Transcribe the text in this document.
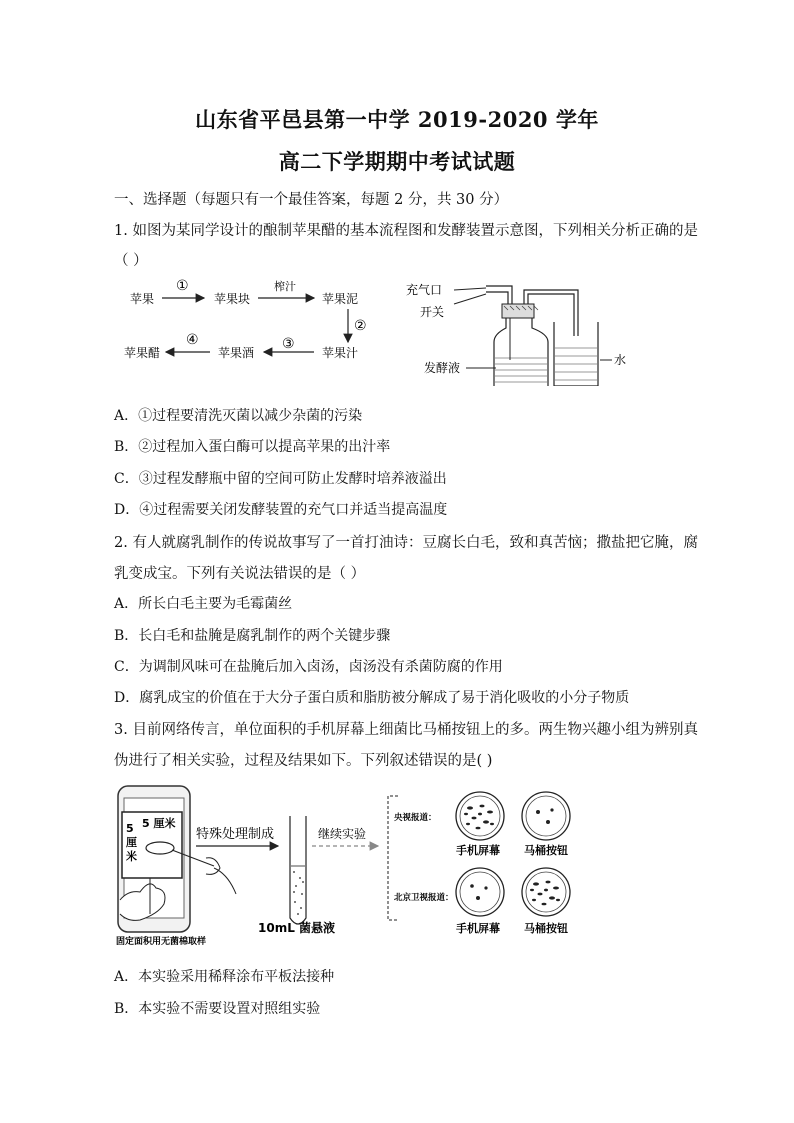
山东省平邑县第一中学 2019-2020 学年
高二下学期期中考试试题
一、选择题（每题只有一个最佳答案，每题 2 分，共 30 分）
1. 如图为某同学设计的酿制苹果醋的基本流程图和发酵装置示意图，下列相关分析正确的是
（ ）
苹果
①
苹果块
榨汁
苹果泥
②
苹果汁
③
苹果酒
④
苹果醋
充气口
开关
水
发酵液
A．①过程要清洗灭菌以减少杂菌的污染
B．②过程加入蛋白酶可以提高苹果的出汁率
C．③过程发酵瓶中留的空间可防止发酵时培养液溢出
D．④过程需要关闭发酵装置的充气口并适当提高温度
2. 有人就腐乳制作的传说故事写了一首打油诗：豆腐长白毛，致和真苦恼；撒盐把它腌，腐
乳变成宝。下列有关说法错误的是（ ）
A．所长白毛主要为毛霉菌丝
B．长白毛和盐腌是腐乳制作的两个关键步骤
C．为调制风味可在盐腌后加入卤汤，卤汤没有杀菌防腐的作用
D．腐乳成宝的价值在于大分子蛋白质和脂肪被分解成了易于消化吸收的小分子物质
3. 目前网络传言，单位面积的手机屏幕上细菌比马桶按钮上的多。两生物兴趣小组为辨别真
伪进行了相关实验，过程及结果如下。下列叙述错误的是( )
5 厘米
5
厘
米
固定面积用无菌棉取样
特殊处理制成
10mL 菌悬液
继续实验
央视报道：
手机屏幕 马桶按钮
北京卫视报道：
手机屏幕 马桶按钮
A．本实验采用稀释涂布平板法接种
B．本实验不需要设置对照组实验
